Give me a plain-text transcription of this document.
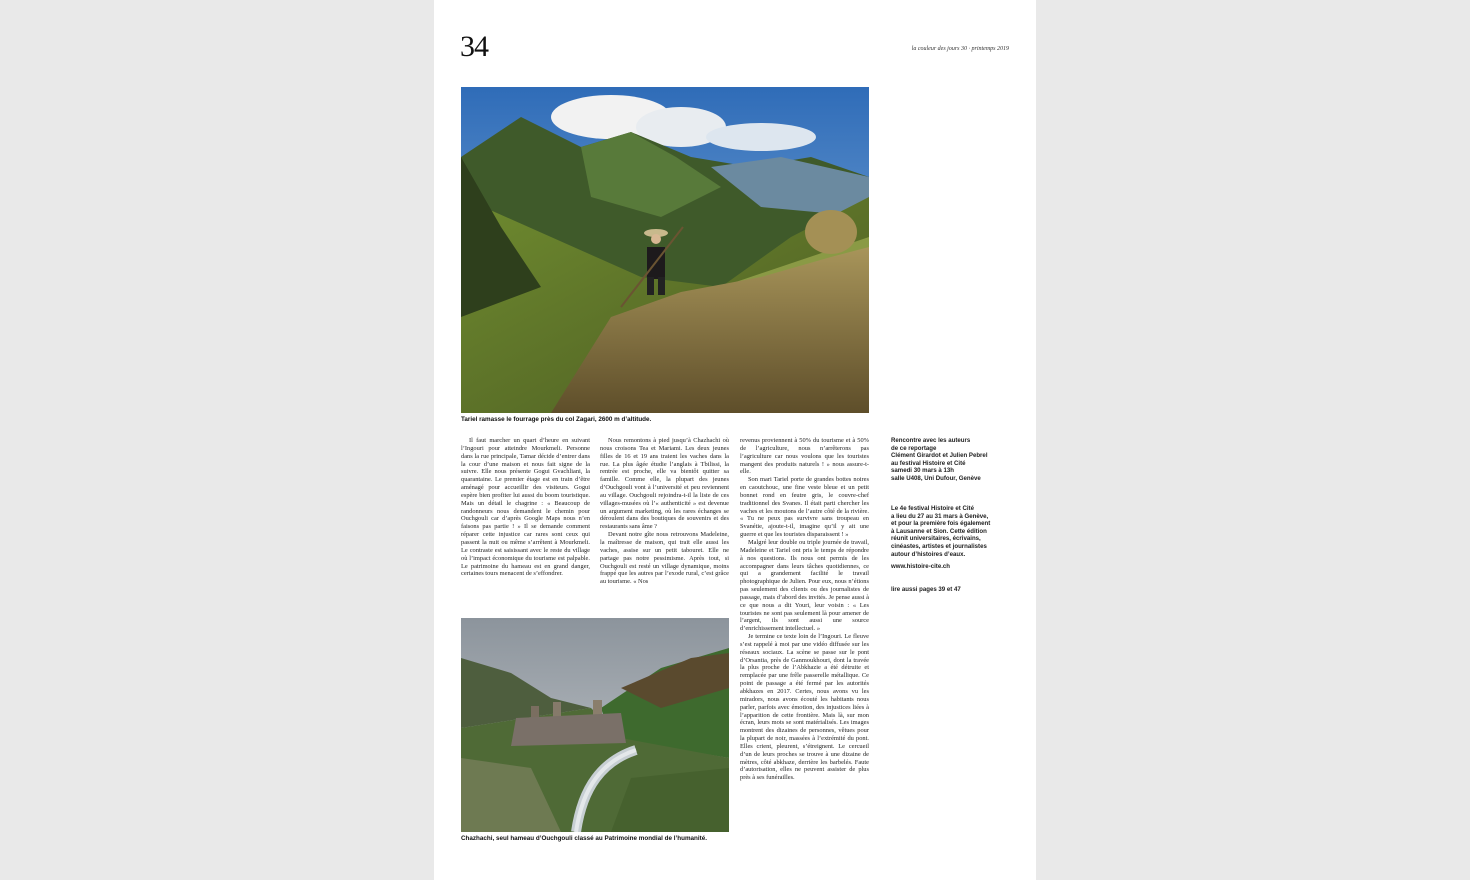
34	la couleur des jours 30 · printemps 2019
Tariel ramasse le fourrage près du col Zagari, 2600 m d’altitude.

Il faut marcher un quart d’heure en suivant l’Ingouri pour atteindre Mourkmeli. Personne dans la rue principale, Tamar décide d’entrer dans la cour d’une maison et nous fait signe de la suivre. Elle nous présente Gogui Gvachliani, la quarantaine. Le premier étage est en train d’être aménagé pour accueillir des visiteurs. Gogui espère bien profiter lui aussi du boom touristique. Mais un détail le chagrine : « Beaucoup de randonneurs nous demandent le chemin pour Ouchgouli car d’après Google Maps nous n’en faisons pas partie ! » Il se demande comment réparer cette injustice car rares sont ceux qui passent la nuit ou même s’arrêtent à Mourkmeli. Le contraste est saisissant avec le reste du village où l’impact économique du tourisme est palpable. Le patrimoine du hameau est en grand danger, certaines tours menacent de s’effondrer.

Nous remontons à pied jusqu’à Chazhachi où nous croisons Tea et Mariami. Les deux jeunes filles de 16 et 19 ans traient les vaches dans la rue. La plus âgée étudie l’anglais à Tbilissi, la rentrée est proche, elle va bientôt quitter sa famille. Comme elle, la plupart des jeunes d’Ouchgouli vont à l’université et peu reviennent au village. Ouchgouli rejoindra-t-il la liste de ces villages-musées où l’« authenticité » est devenue un argument marketing, où les rares échanges se déroulent dans des boutiques de souvenirs et des restaurants sans âme ?

Devant notre gîte nous retrouvons Madeleine, la maîtresse de maison, qui trait elle aussi les vaches, assise sur un petit tabouret. Elle ne partage pas notre pessimisme. Après tout, si Ouchgouli est resté un village dynamique, moins frappé que les autres par l’exode rural, c’est grâce au tourisme. « Nos

revenus proviennent à 50% du tourisme et à 50% de l’agriculture, nous n’arrêterons pas l’agriculture car nous voulons que les touristes mangent des produits naturels ! » nous assure-t-elle.

Son mari Tariel porte de grandes bottes noires en caoutchouc, une fine veste bleue et un petit bonnet rond en feutre gris, le couvre-chef traditionnel des Svanes. Il était parti chercher les vaches et les moutons de l’autre côté de la rivière. « Tu ne peux pas survivre sans troupeau en Svanétie, ajoute-t-il, imagine qu’il y ait une guerre et que les touristes disparaissent ! »

Malgré leur double ou triple journée de travail, Madeleine et Tariel ont pris le temps de répondre à nos questions. Ils nous ont permis de les accompagner dans leurs tâches quotidiennes, ce qui a grandement facilité le travail photographique de Julien. Pour eux, nous n’étions pas seulement des clients ou des journalistes de passage, mais d’abord des invités. Je pense aussi à ce que nous a dit Youri, leur voisin : « Les touristes ne sont pas seulement là pour amener de l’argent, ils sont aussi une source d’enrichissement intellectuel. »

Je termine ce texte loin de l’Ingouri. Le fleuve s’est rappelé à moi par une vidéo diffusée sur les réseaux sociaux. La scène se passe sur le pont d’Orsantia, près de Ganmoukhouri, dont la travée la plus proche de l’Abkhazie a été détruite et remplacée par une frêle passerelle métallique. Ce point de passage a été fermé par les autorités abkhazes en 2017. Certes, nous avons vu les miradors, nous avons écouté les habitants nous parler, parfois avec émotion, des injustices liées à l’apparition de cette frontière. Mais là, sur mon écran, leurs mots se sont matérialisés. Les images montrent des dizaines de personnes, vêtues pour la plupart de noir, massées à l’extrémité du pont. Elles crient, pleurent, s’étreignent. Le cercueil d’un de leurs proches se trouve à une dizaine de mètres, côté abkhaze, derrière les barbelés. Faute d’autorisation, elles ne peuvent assister de plus près à ses funérailles.

Chazhachi, seul hameau d’Ouchgouli classé au Patrimoine mondial de l’humanité.
Rencontre avec les auteurs
de ce reportage
Clément Girardot et Julien Pebrel
au festival Histoire et Cité
samedi 30 mars à 13h
salle U408, Uni Dufour, Genève
Le 4e festival Histoire et Cité
a lieu du 27 au 31 mars à Genève,
et pour la première fois également
à Lausanne et Sion. Cette édition
réunit universitaires, écrivains,
cinéastes, artistes et journalistes
autour d’histoires d’eaux.
www.histoire-cite.ch
lire aussi pages 39 et 47
